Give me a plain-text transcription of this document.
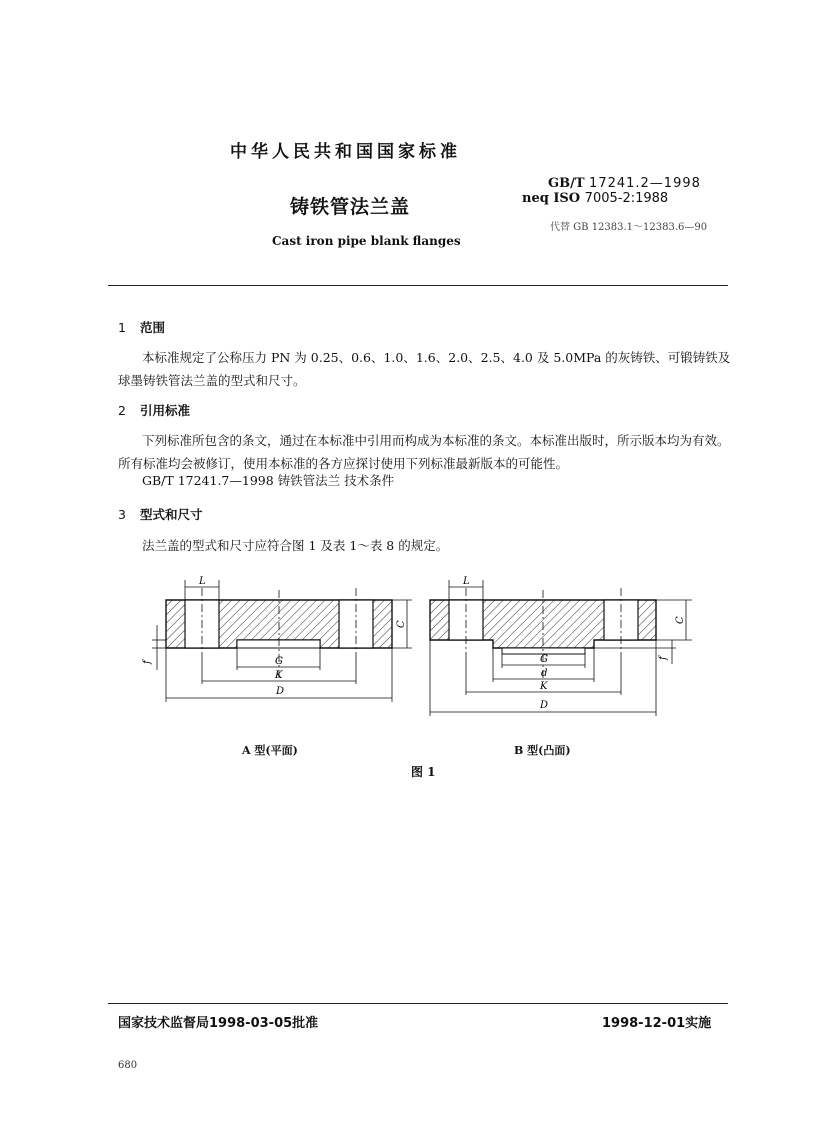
中华人民共和国国家标准
铸铁管法兰盖
Cast iron pipe blank flanges
GB/T 17241.2—1998
neq ISO 7005-2:1988
代替 GB 12383.1～12383.6—90
1 范围
本标准规定了公称压力 PN 为 0.25、0.6、1.0、1.6、2.0、2.5、4.0 及 5.0MPa 的灰铸铁、可锻铸铁及球墨铸铁管法兰盖的型式和尺寸。
2 引用标准
下列标准所包含的条文，通过在本标准中引用而构成为本标准的条文。本标准出版时，所示版本均为有效。所有标准均会被修订，使用本标准的各方应探讨使用下列标准最新版本的可能性。
GB/T 17241.7—1998 铸铁管法兰 技术条件
3 型式和尺寸
法兰盖的型式和尺寸应符合图 1 及表 1～表 8 的规定。
L
C
f	G
K
D
L
C
f
G
d
K
D
A 型(平面)	B 型(凸面)
图 1
国家技术监督局1998-03-05批准	1998-12-01实施
680
